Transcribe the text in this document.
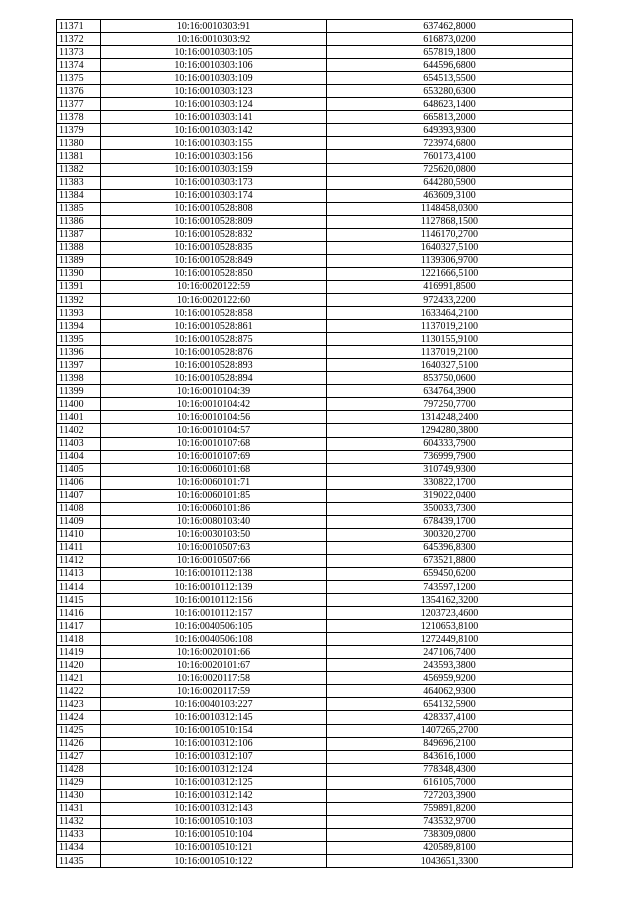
11371	10:16:0010303:91	637462,8000
11372	10:16:0010303:92	616873,0200
11373	10:16:0010303:105	657819,1800
11374	10:16:0010303:106	644596,6800
11375	10:16:0010303:109	654513,5500
11376	10:16:0010303:123	653280,6300
11377	10:16:0010303:124	648623,1400
11378	10:16:0010303:141	665813,2000
11379	10:16:0010303:142	649393,9300
11380	10:16:0010303:155	723974,6800
11381	10:16:0010303:156	760173,4100
11382	10:16:0010303:159	725620,0800
11383	10:16:0010303:173	644280,5900
11384	10:16:0010303:174	463609,3100
11385	10:16:0010528:808	1148458,0300
11386	10:16:0010528:809	1127868,1500
11387	10:16:0010528:832	1146170,2700
11388	10:16:0010528:835	1640327,5100
11389	10:16:0010528:849	1139306,9700
11390	10:16:0010528:850	1221666,5100
11391	10:16:0020122:59	416991,8500
11392	10:16:0020122:60	972433,2200
11393	10:16:0010528:858	1633464,2100
11394	10:16:0010528:861	1137019,2100
11395	10:16:0010528:875	1130155,9100
11396	10:16:0010528:876	1137019,2100
11397	10:16:0010528:893	1640327,5100
11398	10:16:0010528:894	853750,0600
11399	10:16:0010104:39	634764,3900
11400	10:16:0010104:42	797250,7700
11401	10:16:0010104:56	1314248,2400
11402	10:16:0010104:57	1294280,3800
11403	10:16:0010107:68	604333,7900
11404	10:16:0010107:69	736999,7900
11405	10:16:0060101:68	310749,9300
11406	10:16:0060101:71	330822,1700
11407	10:16:0060101:85	319022,0400
11408	10:16:0060101:86	350033,7300
11409	10:16:0080103:40	678439,1700
11410	10:16:0030103:50	300320,2700
11411	10:16:0010507:63	645396,8300
11412	10:16:0010507:66	673521,8800
11413	10:16:0010112:138	659450,6200
11414	10:16:0010112:139	743597,1200
11415	10:16:0010112:156	1354162,3200
11416	10:16:0010112:157	1203723,4600
11417	10:16:0040506:105	1210653,8100
11418	10:16:0040506:108	1272449,8100
11419	10:16:0020101:66	247106,7400
11420	10:16:0020101:67	243593,3800
11421	10:16:0020117:58	456959,9200
11422	10:16:0020117:59	464062,9300
11423	10:16:0040103:227	654132,5900
11424	10:16:0010312:145	428337,4100
11425	10:16:0010510:154	1407265,2700
11426	10:16:0010312:106	849696,2100
11427	10:16:0010312:107	843616,1000
11428	10:16:0010312:124	778348,4300
11429	10:16:0010312:125	616105,7000
11430	10:16:0010312:142	727203,3900
11431	10:16:0010312:143	759891,8200
11432	10:16:0010510:103	743532,9700
11433	10:16:0010510:104	738309,0800
11434	10:16:0010510:121	420589,8100
11435	10:16:0010510:122	1043651,3300
